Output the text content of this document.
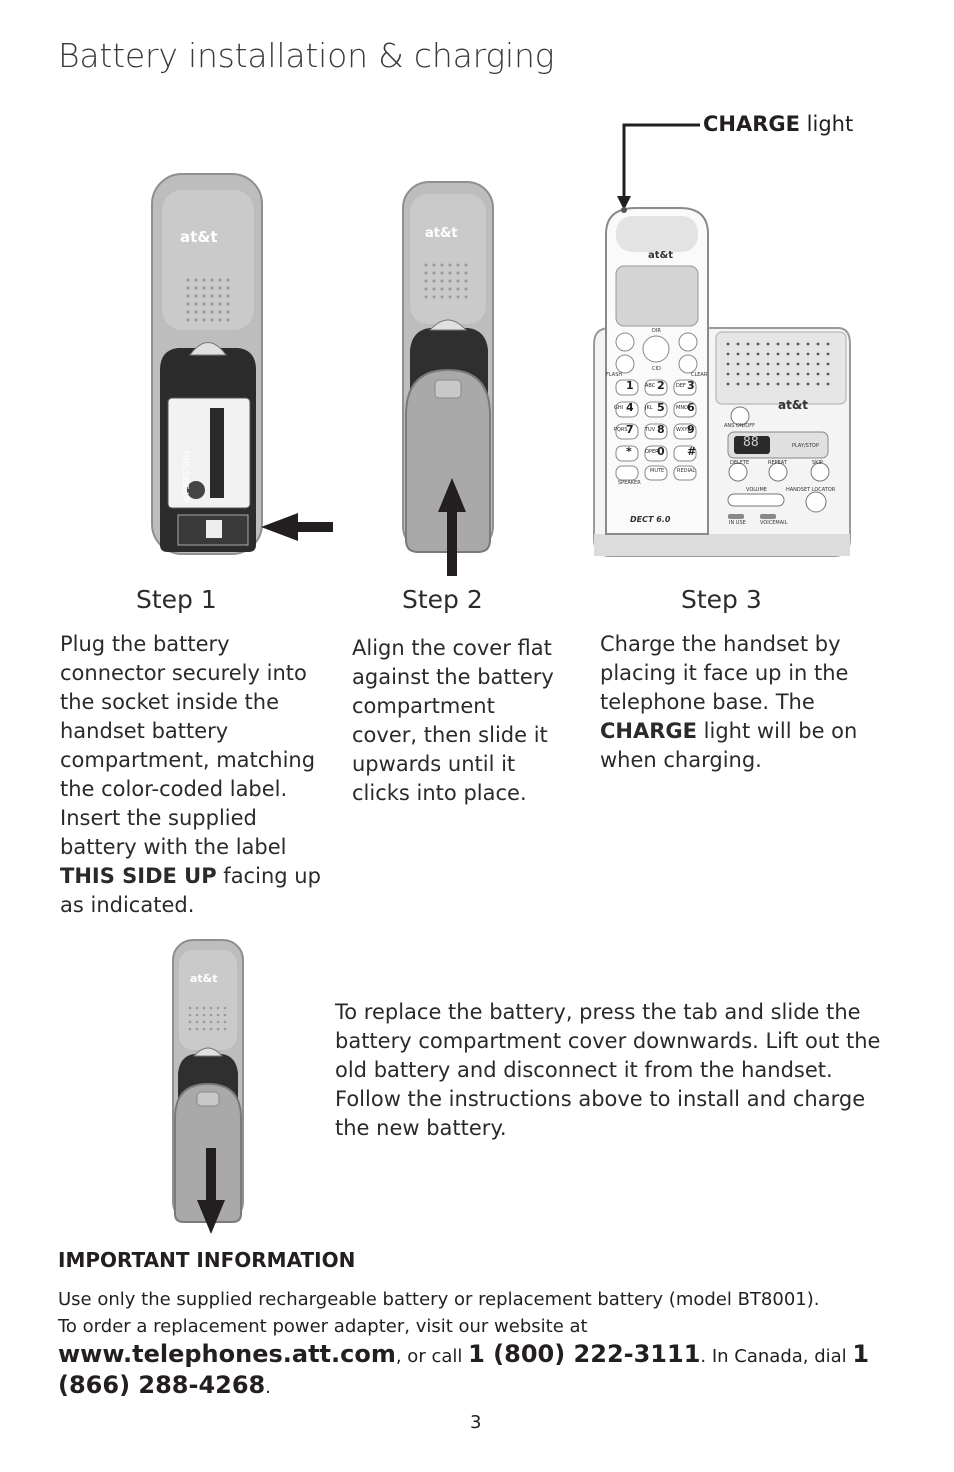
Battery installation & charging
CHARGE light
at&t
THIS SIDE UP
at&t
at&t
at&t
88
DECT 6.0
PLAY/STOP
ANS ON/OFF
DELETE	REPEAT	SKIP
VOLUME	HANDSET LOCATOR
IN USE	VOICEMAIL
FLASH	CLEAR
DIR
CID
SPEAKER
MUTE	REDIAL
1 2 3
4 5 6
7 8 9
* 0 #
ABC	DEF
GHI	JKL	MNO
PQRS	TUV	WXYZ
OPER
Step 1	Step 2	Step 3
Plug the battery connector securely into the socket inside the handset battery compartment, matching the color-coded label. Insert the supplied battery with the label THIS SIDE UP facing up as indicated.
Align the cover flat against the battery compartment cover, then slide it upwards until it clicks into place.
Charge the handset by placing it face up in the telephone base. The CHARGE light will be on when charging.
at&t
To replace the battery, press the tab and slide the battery compartment cover downwards. Lift out the old battery and disconnect it from the handset. Follow the instructions above to install and charge the new battery.
IMPORTANT INFORMATION
Use only the supplied rechargeable battery or replacement battery (model BT8001).
To order a replacement power adapter, visit our website at
www.telephones.att.com, or call 1 (800) 222-3111. In Canada, dial 1 (866) 288-4268.
3
